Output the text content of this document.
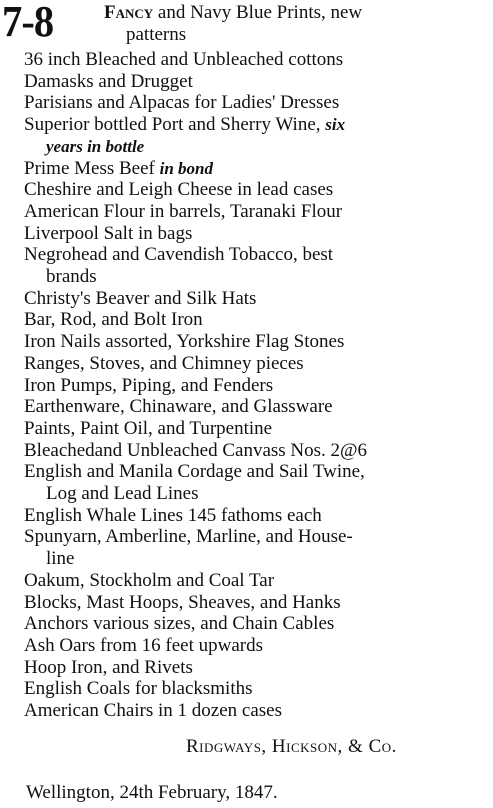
7-8	Fancy and Navy Blue Prints, new
patterns
36 inch Bleached and Unbleached cottons
Damasks and Drugget
Parisians and Alpacas for Ladies' Dresses
Superior bottled Port and Sherry Wine, six
years in bottle
Prime Mess Beef in bond
Cheshire and Leigh Cheese in lead cases
American Flour in barrels, Taranaki Flour
Liverpool Salt in bags
Negrohead and Cavendish Tobacco, best
brands
Christy's Beaver and Silk Hats
Bar, Rod, and Bolt Iron
Iron Nails assorted, Yorkshire Flag Stones
Ranges, Stoves, and Chimney pieces
Iron Pumps, Piping, and Fenders
Earthenware, Chinaware, and Glassware
Paints, Paint Oil, and Turpentine
Bleachedand Unbleached Canvass Nos. 2@6
English and Manila Cordage and Sail Twine,
Log and Lead Lines
English Whale Lines 145 fathoms each
Spunyarn, Amberline, Marline, and House-
line
Oakum, Stockholm and Coal Tar
Blocks, Mast Hoops, Sheaves, and Hanks
Anchors various sizes, and Chain Cables
Ash Oars from 16 feet upwards
Hoop Iron, and Rivets
English Coals for blacksmiths
American Chairs in 1 dozen cases
Ridgways, Hickson, & Co.
Wellington, 24th February, 1847.
